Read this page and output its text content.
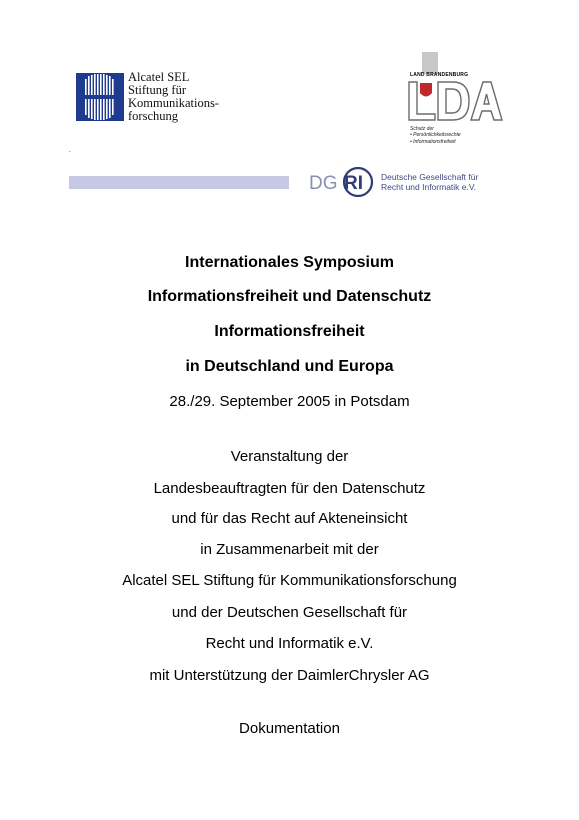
Alcatel SEL
Stiftung für
Kommunikations-
forschung
LAND BRANDENBURG
LDA
Schutz der
• Persönlichkeitsrechte
• Informationsfreiheit
.
DG RI Deutsche Gesellschaft für
Recht und Informatik e.V.
Internationales Symposium
Informationsfreiheit und Datenschutz
Informationsfreiheit
in Deutschland und Europa
28./29. September 2005 in Potsdam
Veranstaltung der
Landesbeauftragten für den Datenschutz
und für das Recht auf Akteneinsicht
in Zusammenarbeit mit der
Alcatel SEL Stiftung für Kommunikationsforschung
und der Deutschen Gesellschaft für
Recht und Informatik e.V.
mit Unterstützung der DaimlerChrysler AG
Dokumentation
